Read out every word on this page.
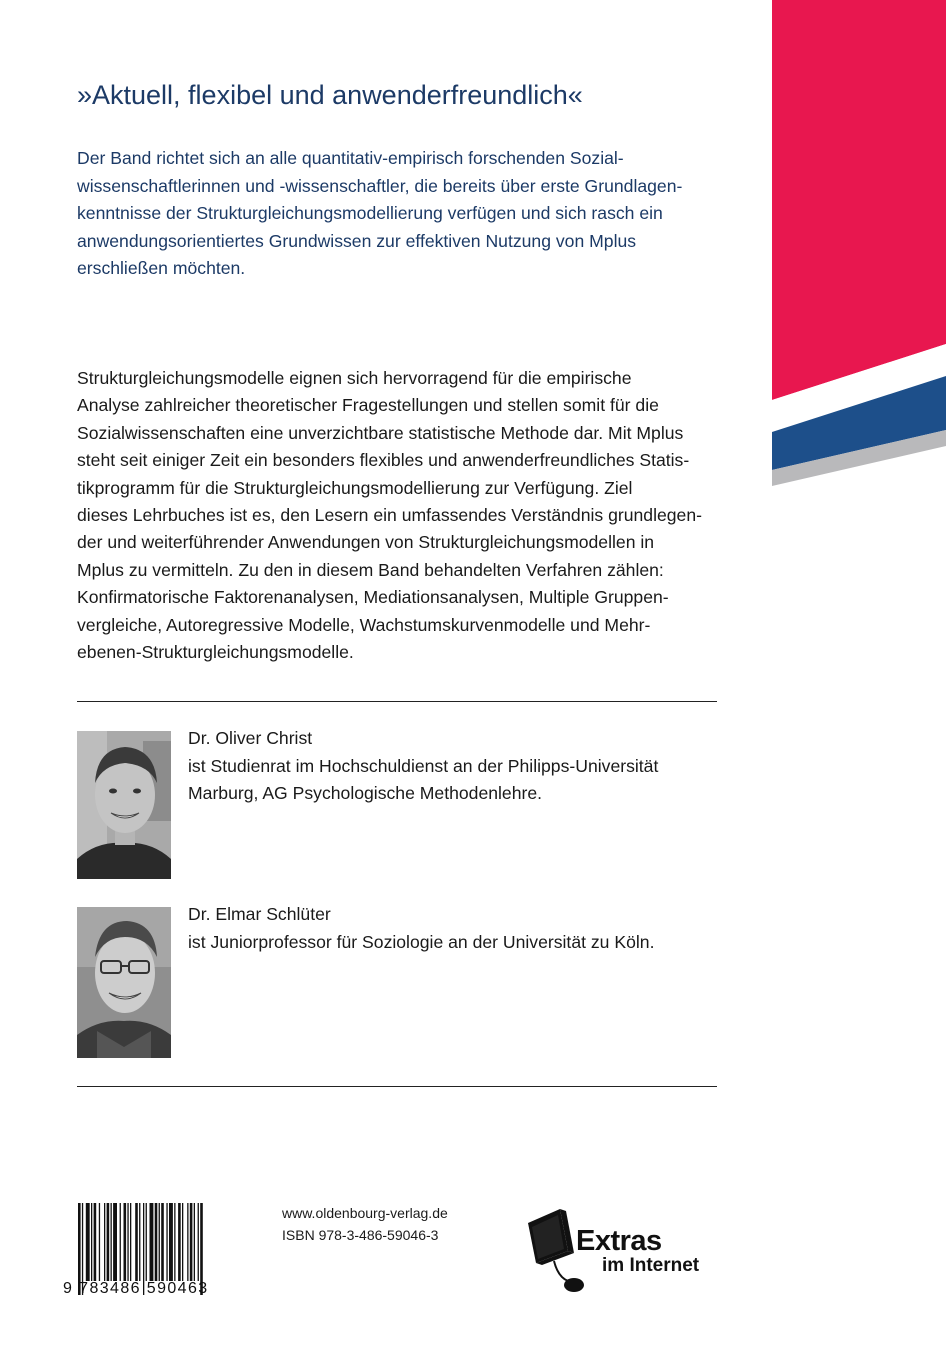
»Aktuell, flexibel und anwenderfreundlich«
Der Band richtet sich an alle quantitativ-empirisch forschenden Sozial-
wissenschaftlerinnen und -wissenschaftler, die bereits über erste Grundlagen-
kenntnisse der Strukturgleichungsmodellierung verfügen und sich rasch ein
anwendungsorientiertes Grundwissen zur effektiven Nutzung von Mplus
erschließen möchten.
Strukturgleichungsmodelle eignen sich hervorragend für die empirische
Analyse zahlreicher theoretischer Fragestellungen und stellen somit für die
Sozialwissenschaften eine unverzichtbare statistische Methode dar. Mit Mplus
steht seit einiger Zeit ein besonders flexibles und anwenderfreundliches Statis-
tikprogramm für die Strukturgleichungsmodellierung zur Verfügung. Ziel
dieses Lehrbuches ist es, den Lesern ein umfassendes Verständnis grundlegen-
der und weiterführender Anwendungen von Strukturgleichungsmodellen in
Mplus zu vermitteln. Zu den in diesem Band behandelten Verfahren zählen:
Konfirmatorische Faktorenanalysen, Mediationsanalysen, Multiple Gruppen-
vergleiche, Autoregressive Modelle, Wachstumskurvenmodelle und Mehr-
ebenen-Strukturgleichungsmodelle.
Dr. Oliver Christ
ist Studienrat im Hochschuldienst an der Philipps-Universität
Marburg, AG Psychologische Methodenlehre.
Dr. Elmar Schlüter
ist Juniorprofessor für Soziologie an der Universität zu Köln.
9 783486 590463
www.oldenbourg-verlag.de
ISBN 978-3-486-59046-3	Extras
im Internet
